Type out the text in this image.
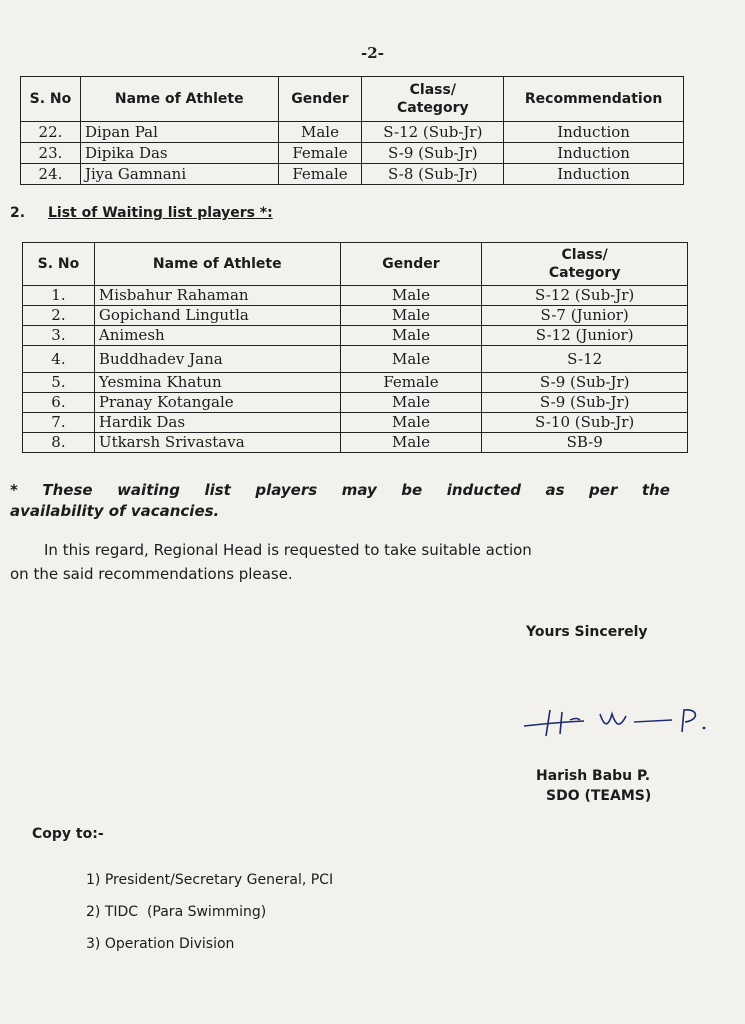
-2-
S. No	Name of Athlete	Gender	Class/ Category	Recommendation
22.	Dipan Pal	Male	S-12 (Sub-Jr)	Induction
23.	Dipika Das	Female	S-9 (Sub-Jr)	Induction
24.	Jiya Gamnani	Female	S-8 (Sub-Jr)	Induction
2. List of Waiting list players *:
S. No	Name of Athlete	Gender	Class/ Category

1.	Misbahur Rahaman	Male	S-12 (Sub-Jr)
2.	Gopichand Lingutla	Male	S-7 (Junior)
3.	Animesh	Male	S-12 (Junior)
4.	Buddhadev Jana	Male	S-12
5.	Yesmina Khatun	Female	S-9 (Sub-Jr)
6.	Pranay Kotangale	Male	S-9 (Sub-Jr)
7.	Hardik Das	Male	S-10 (Sub-Jr)
8.	Utkarsh Srivastava	Male	SB-9
* These waiting list players may be inducted as per the
availability of vacancies.
In this regard, Regional Head is requested to take suitable action
on the said recommendations please.
Yours Sincerely
Harish Babu P.
SDO (TEAMS)
Copy to:-
1) President/Secretary General, PCI
2) TIDC  (Para Swimming)
3) Operation Division
